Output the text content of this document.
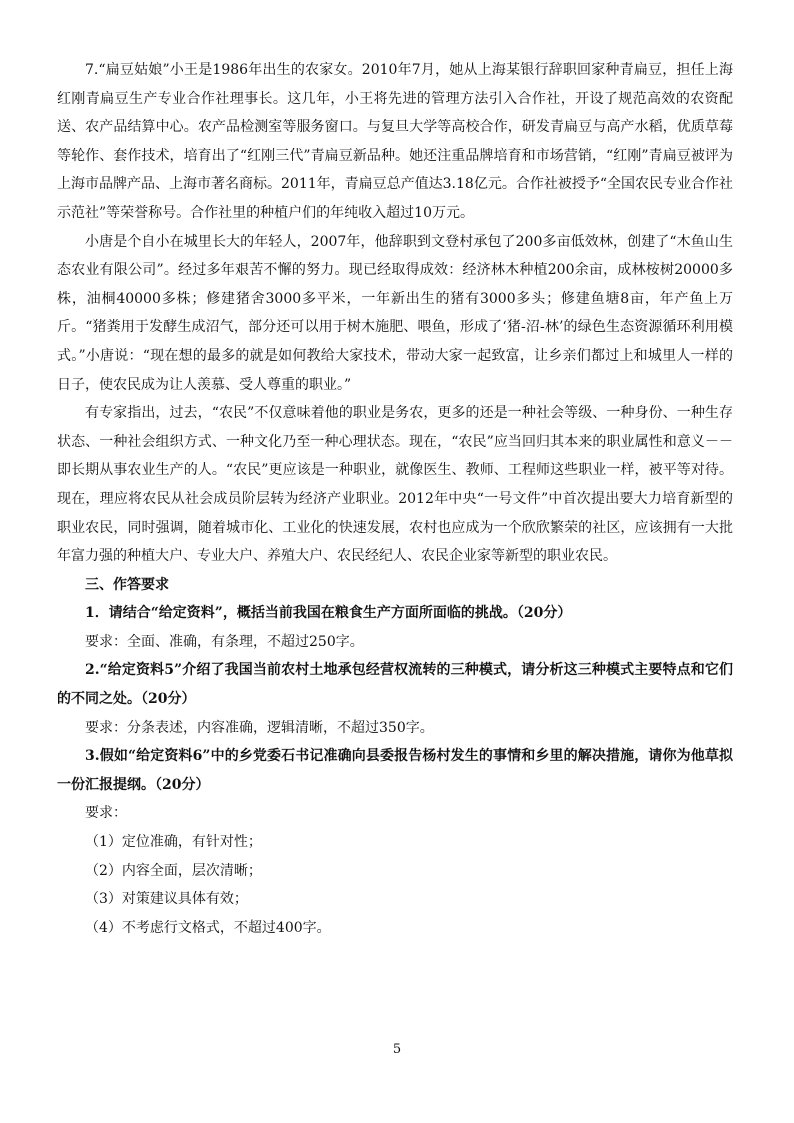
7.“扁豆姑娘”小王是1986年出生的农家女。2010年7月，她从上海某银行辞职回家种青扁豆，担任上海红刚青扁豆生产专业合作社理事长。这几年，小王将先进的管理方法引入合作社，开设了规范高效的农资配送、农产品结算中心。农产品检测室等服务窗口。与复旦大学等高校合作，研发青扁豆与高产水稻，优质草莓等轮作、套作技术，培育出了“红刚三代”青扁豆新品种。她还注重品牌培育和市场营销，“红刚”青扁豆被评为上海市品牌产品、上海市著名商标。2011年，青扁豆总产值达3.18亿元。合作社被授予“全国农民专业合作社示范社”等荣誉称号。合作社里的种植户们的年纯收入超过10万元。

小唐是个自小在城里长大的年轻人，2007年，他辞职到文登村承包了200多亩低效林，创建了“木鱼山生态农业有限公司”。经过多年艰苦不懈的努力。现已经取得成效：经济林木种植200余亩，成林桉树20000多株，油桐40000多株；修建猪舍3000多平米，一年新出生的猪有3000多头；修建鱼塘8亩，年产鱼上万斤。“猪粪用于发酵生成沼气，部分还可以用于树木施肥、喂鱼，形成了‘猪-沼-林’的绿色生态资源循环利用模式。”小唐说：“现在想的最多的就是如何教给大家技术，带动大家一起致富，让乡亲们都过上和城里人一样的日子，使农民成为让人羡慕、受人尊重的职业。”

有专家指出，过去，“农民”不仅意味着他的职业是务农，更多的还是一种社会等级、一种身份、一种生存状态、一种社会组织方式、一种文化乃至一种心理状态。现在，“农民”应当回归其本来的职业属性和意义－－即长期从事农业生产的人。“农民”更应该是一种职业，就像医生、教师、工程师这些职业一样，被平等对待。现在，理应将农民从社会成员阶层转为经济产业职业。2012年中央“一号文件”中首次提出要大力培育新型的职业农民，同时强调，随着城市化、工业化的快速发展，农村也应成为一个欣欣繁荣的社区，应该拥有一大批年富力强的种植大户、专业大户、养殖大户、农民经纪人、农民企业家等新型的职业农民。

三、作答要求

1．请结合“给定资料”，概括当前我国在粮食生产方面所面临的挑战。（20分）

要求：全面、准确，有条理，不超过250字。

2.“给定资料5”介绍了我国当前农村土地承包经营权流转的三种模式，请分析这三种模式主要特点和它们的不同之处。（20分）

要求：分条表述，内容准确，逻辑清晰，不超过350字。

3.假如“给定资料6”中的乡党委石书记准确向县委报告杨村发生的事情和乡里的解决措施，请你为他草拟一份汇报提纲。（20分）

要求：

（1）定位准确，有针对性；

（2）内容全面，层次清晰；

（3）对策建议具体有效；

（4）不考虑行文格式，不超过400字。

5
